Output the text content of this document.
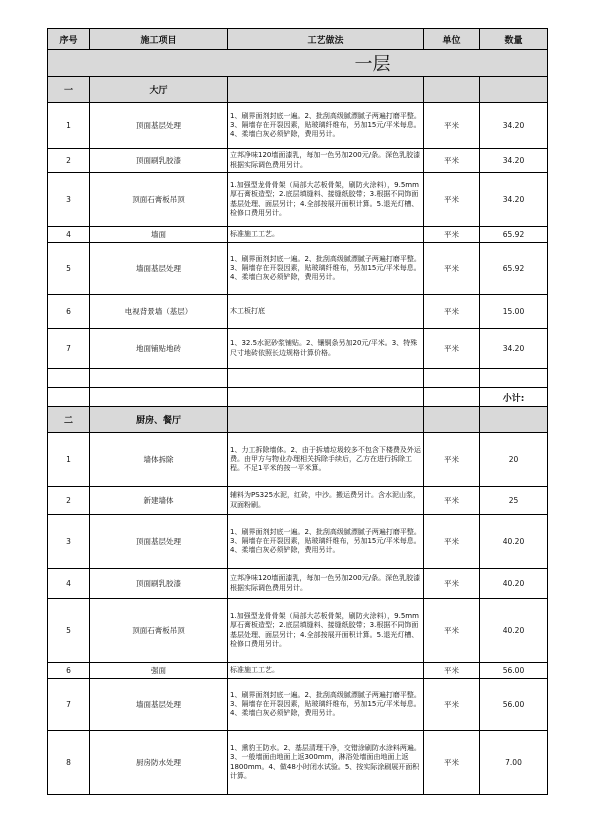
序号	施工项目	工艺做法	单位	数量
一层				
一	大厅			
1	顶面基层处理	1、刷界面剂封底一遍。2、批刮高级腻漂腻子两遍打磨平整。3、隔墙存在开裂因素，贴玻璃纤维布，另加15元/平米每息。4、柔墙白灰必须铲除，费用另计。	平米	34.20
2	顶面刷乳胶漆	立邦净味120墙面漆乳，每加一色另加200元/条。深色乳胶漆根据实际调色费用另计。	平米	34.20
3	顶面石膏板吊顶	1.加强型龙骨骨架（局部大芯板骨架，刷防火涂料），9.5mm厚石膏板造型；2.底层填缝料、接缝纸胶带；3.根据不同饰面基层处理、面层另计；4.全部按展开面积计算。5.退光灯槽、检修口费用另计。	平米	34.20
4	墙面	标准施工工艺。	平米	65.92
5	墙面基层处理	1、刷界面剂封底一遍。2、批刮高级腻漂腻子两遍打磨平整。3、隔墙存在开裂因素，贴玻璃纤维布，另加15元/平米每息。4、柔墙白灰必须铲除，费用另计。	平米	65.92
6	电视背景墙（基层）	木工板打底	平米	15.00
7	地面铺贴地砖	1、32.5水泥砂浆铺贴。2、镶铜条另加20元/平米。3、特殊尺寸地砖依照长边规格计算价格。	平米	34.20

				小计:
二	厨房、餐厅			
1	墙体拆除	1、力工拆除墙体。2、由于拆墙垃圾较多不包含下楼费及外运费。由甲方与物业办理相关拆除手续后，乙方在进行拆除工程。不足1平米的按一平米算。	平米	20
2	新建墙体	辅料为PS325水泥，红砖，中沙。搬运费另计。含水泥山浆，双面粉刷。	平米	25
3	顶面基层处理	1、刷界面剂封底一遍。2、批刮高级腻漂腻子两遍打磨平整。3、隔墙存在开裂因素，贴玻璃纤维布，另加15元/平米每息。4、柔墙白灰必须铲除，费用另计。	平米	40.20
4	顶面刷乳胶漆	立邦净味120墙面漆乳，每加一色另加200元/条。深色乳胶漆根据实际调色费用另计。	平米	40.20
5	顶面石膏板吊顶	1.加强型龙骨骨架（局部大芯板骨架，刷防火涂料），9.5mm厚石膏板造型；2.底层填缝料、接缝纸胶带；3.根据不同饰面基层处理、面层另计；4.全部按展开面积计算。5.退光灯槽、检修口费用另计。	平米	40.20
6	强面	标准施工工艺。	平米	56.00
7	墙面基层处理	1、刷界面剂封底一遍。2、批刮高级腻漂腻子两遍打磨平整。3、隔墙存在开裂因素，贴玻璃纤维布，另加15元/平米每息。4、柔墙白灰必须铲除，费用另计。	平米	56.00
8	厨房防水处理	1、熏豹王防水。2、基层清理干净，交错涂刷防水涂料两遍。3、一般墙面由地面上返300mm，淋浴处墙面由地面上返1800mm。4、做48小时闭水试验。5、按实际涂刷展开面积计算。	平米	7.00
